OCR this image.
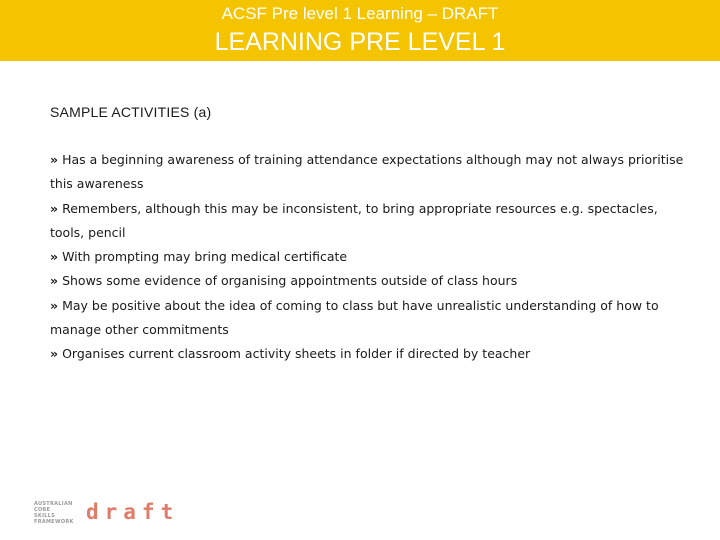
ACSF Pre level 1 Learning – DRAFT
LEARNING PRE LEVEL 1
SAMPLE ACTIVITIES (a)
» Has a beginning awareness of training attendance expectations although may not always prioritise this awareness
» Remembers, although this may be inconsistent, to bring appropriate resources e.g. spectacles, tools, pencil
» With prompting may bring medical certificate
» Shows some evidence of organising appointments outside of class hours
» May be positive about the idea of coming to class but have unrealistic understanding of how to manage other commitments
» Organises current classroom activity sheets in folder if directed by teacher
AUSTRALIAN
CORE
SKILLS
FRAMEWORK draft
